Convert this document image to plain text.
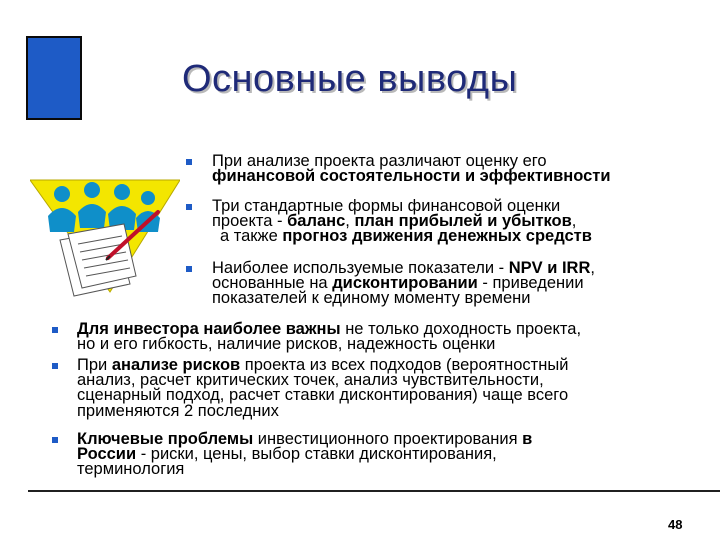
Основные выводы
При анализе проекта различают оценку его
финансовой состоятельности и эффективности
Три стандартные формы финансовой оценки
проекта - баланс, план прибылей и убытков,
а также прогноз движения денежных средств
Наиболее используемые показатели - NPV и IRR,
основанные на дисконтировании - приведении
показателей к единому моменту времени
Для инвестора наиболее важны не только доходность проекта,
но и его гибкость, наличие рисков, надежность оценки
При анализе рисков проекта из всех подходов (вероятностный
анализ, расчет критических точек, анализ чувствительности,
сценарный подход, расчет ставки дисконтирования) чаще всего
применяются 2 последних
Ключевые проблемы инвестиционного проектирования в
России - риски, цены, выбор ставки дисконтирования,
терминология
48
